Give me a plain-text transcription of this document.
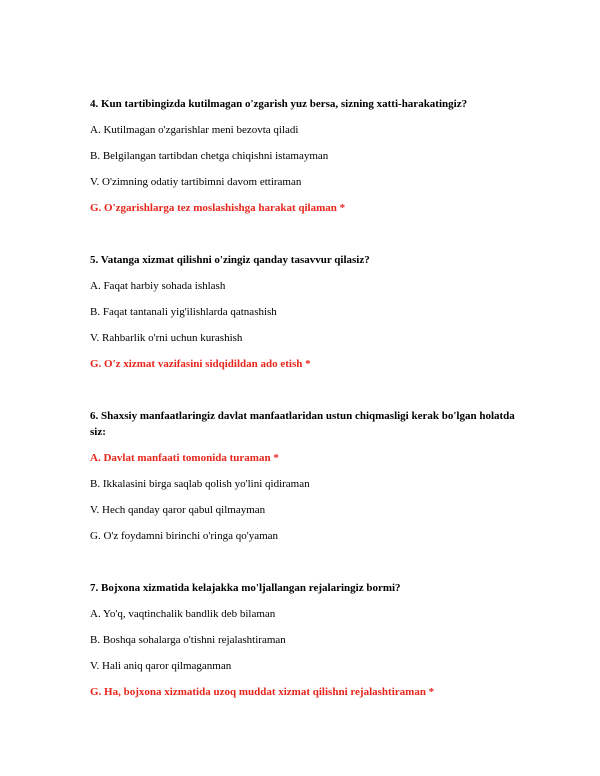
4. Kun tartibingizda kutilmagan o'zgarish yuz bersa, sizning xatti-harakatingiz?
A. Kutilmagan o'zgarishlar meni bezovta qiladi
B. Belgilangan tartibdan chetga chiqishni istamayman
V. O'zimning odatiy tartibimni davom ettiraman
G. O'zgarishlarga tez moslashishga harakat qilaman *
5. Vatanga xizmat qilishni o'zingiz qanday tasavvur qilasiz?
A. Faqat harbiy sohada ishlash
B. Faqat tantanali yig'ilishlarda qatnashish
V. Rahbarlik o'rni uchun kurashish
G. O'z xizmat vazifasini sidqidildan ado etish *
6. Shaxsiy manfaatlaringiz davlat manfaatlaridan ustun chiqmasligi kerak bo'lgan holatda siz:
A. Davlat manfaati tomonida turaman *
B. Ikkalasini birga saqlab qolish yo'lini qidiraman
V. Hech qanday qaror qabul qilmayman
G. O'z foydamni birinchi o'ringa qo'yaman
7. Bojxona xizmatida kelajakka mo'ljallangan rejalaringiz bormi?
A. Yo'q, vaqtinchalik bandlik deb bilaman
B. Boshqa sohalarga o'tishni rejalashtiraman
V. Hali aniq qaror qilmaganman
G. Ha, bojxona xizmatida uzoq muddat xizmat qilishni rejalashtiraman *
